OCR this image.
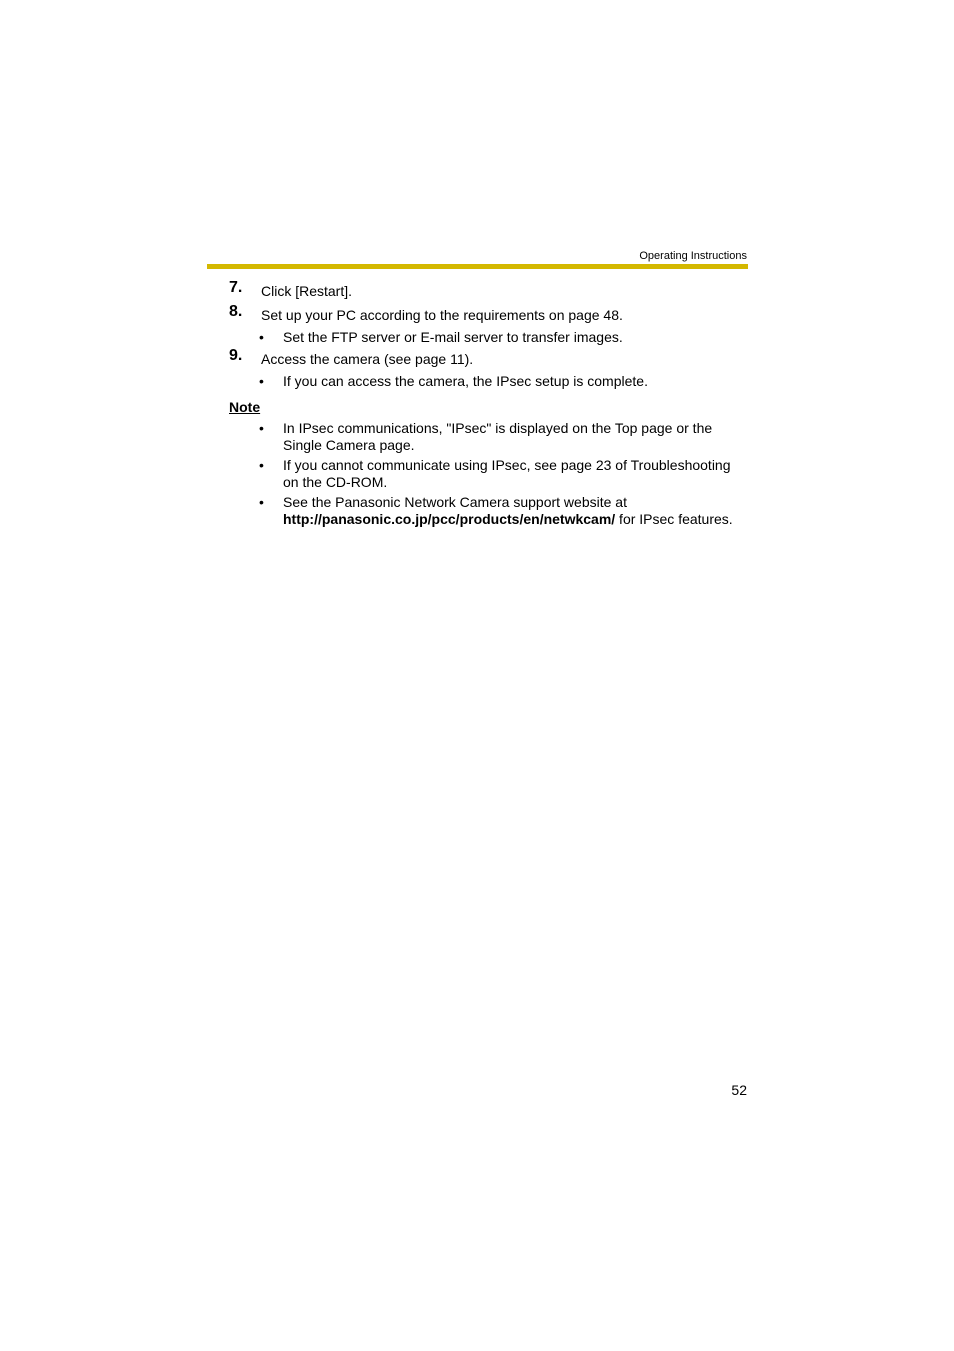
Operating Instructions
7. Click [Restart].
8. Set up your PC according to the requirements on page 48.
• Set the FTP server or E-mail server to transfer images.
9. Access the camera (see page 11).
• If you can access the camera, the IPsec setup is complete.
Note
• In IPsec communications, "IPsec" is displayed on the Top page or the
Single Camera page.
• If you cannot communicate using IPsec, see page 23 of Troubleshooting
on the CD-ROM.
• See the Panasonic Network Camera support website at
http://panasonic.co.jp/pcc/products/en/netwkcam/ for IPsec features.
52
